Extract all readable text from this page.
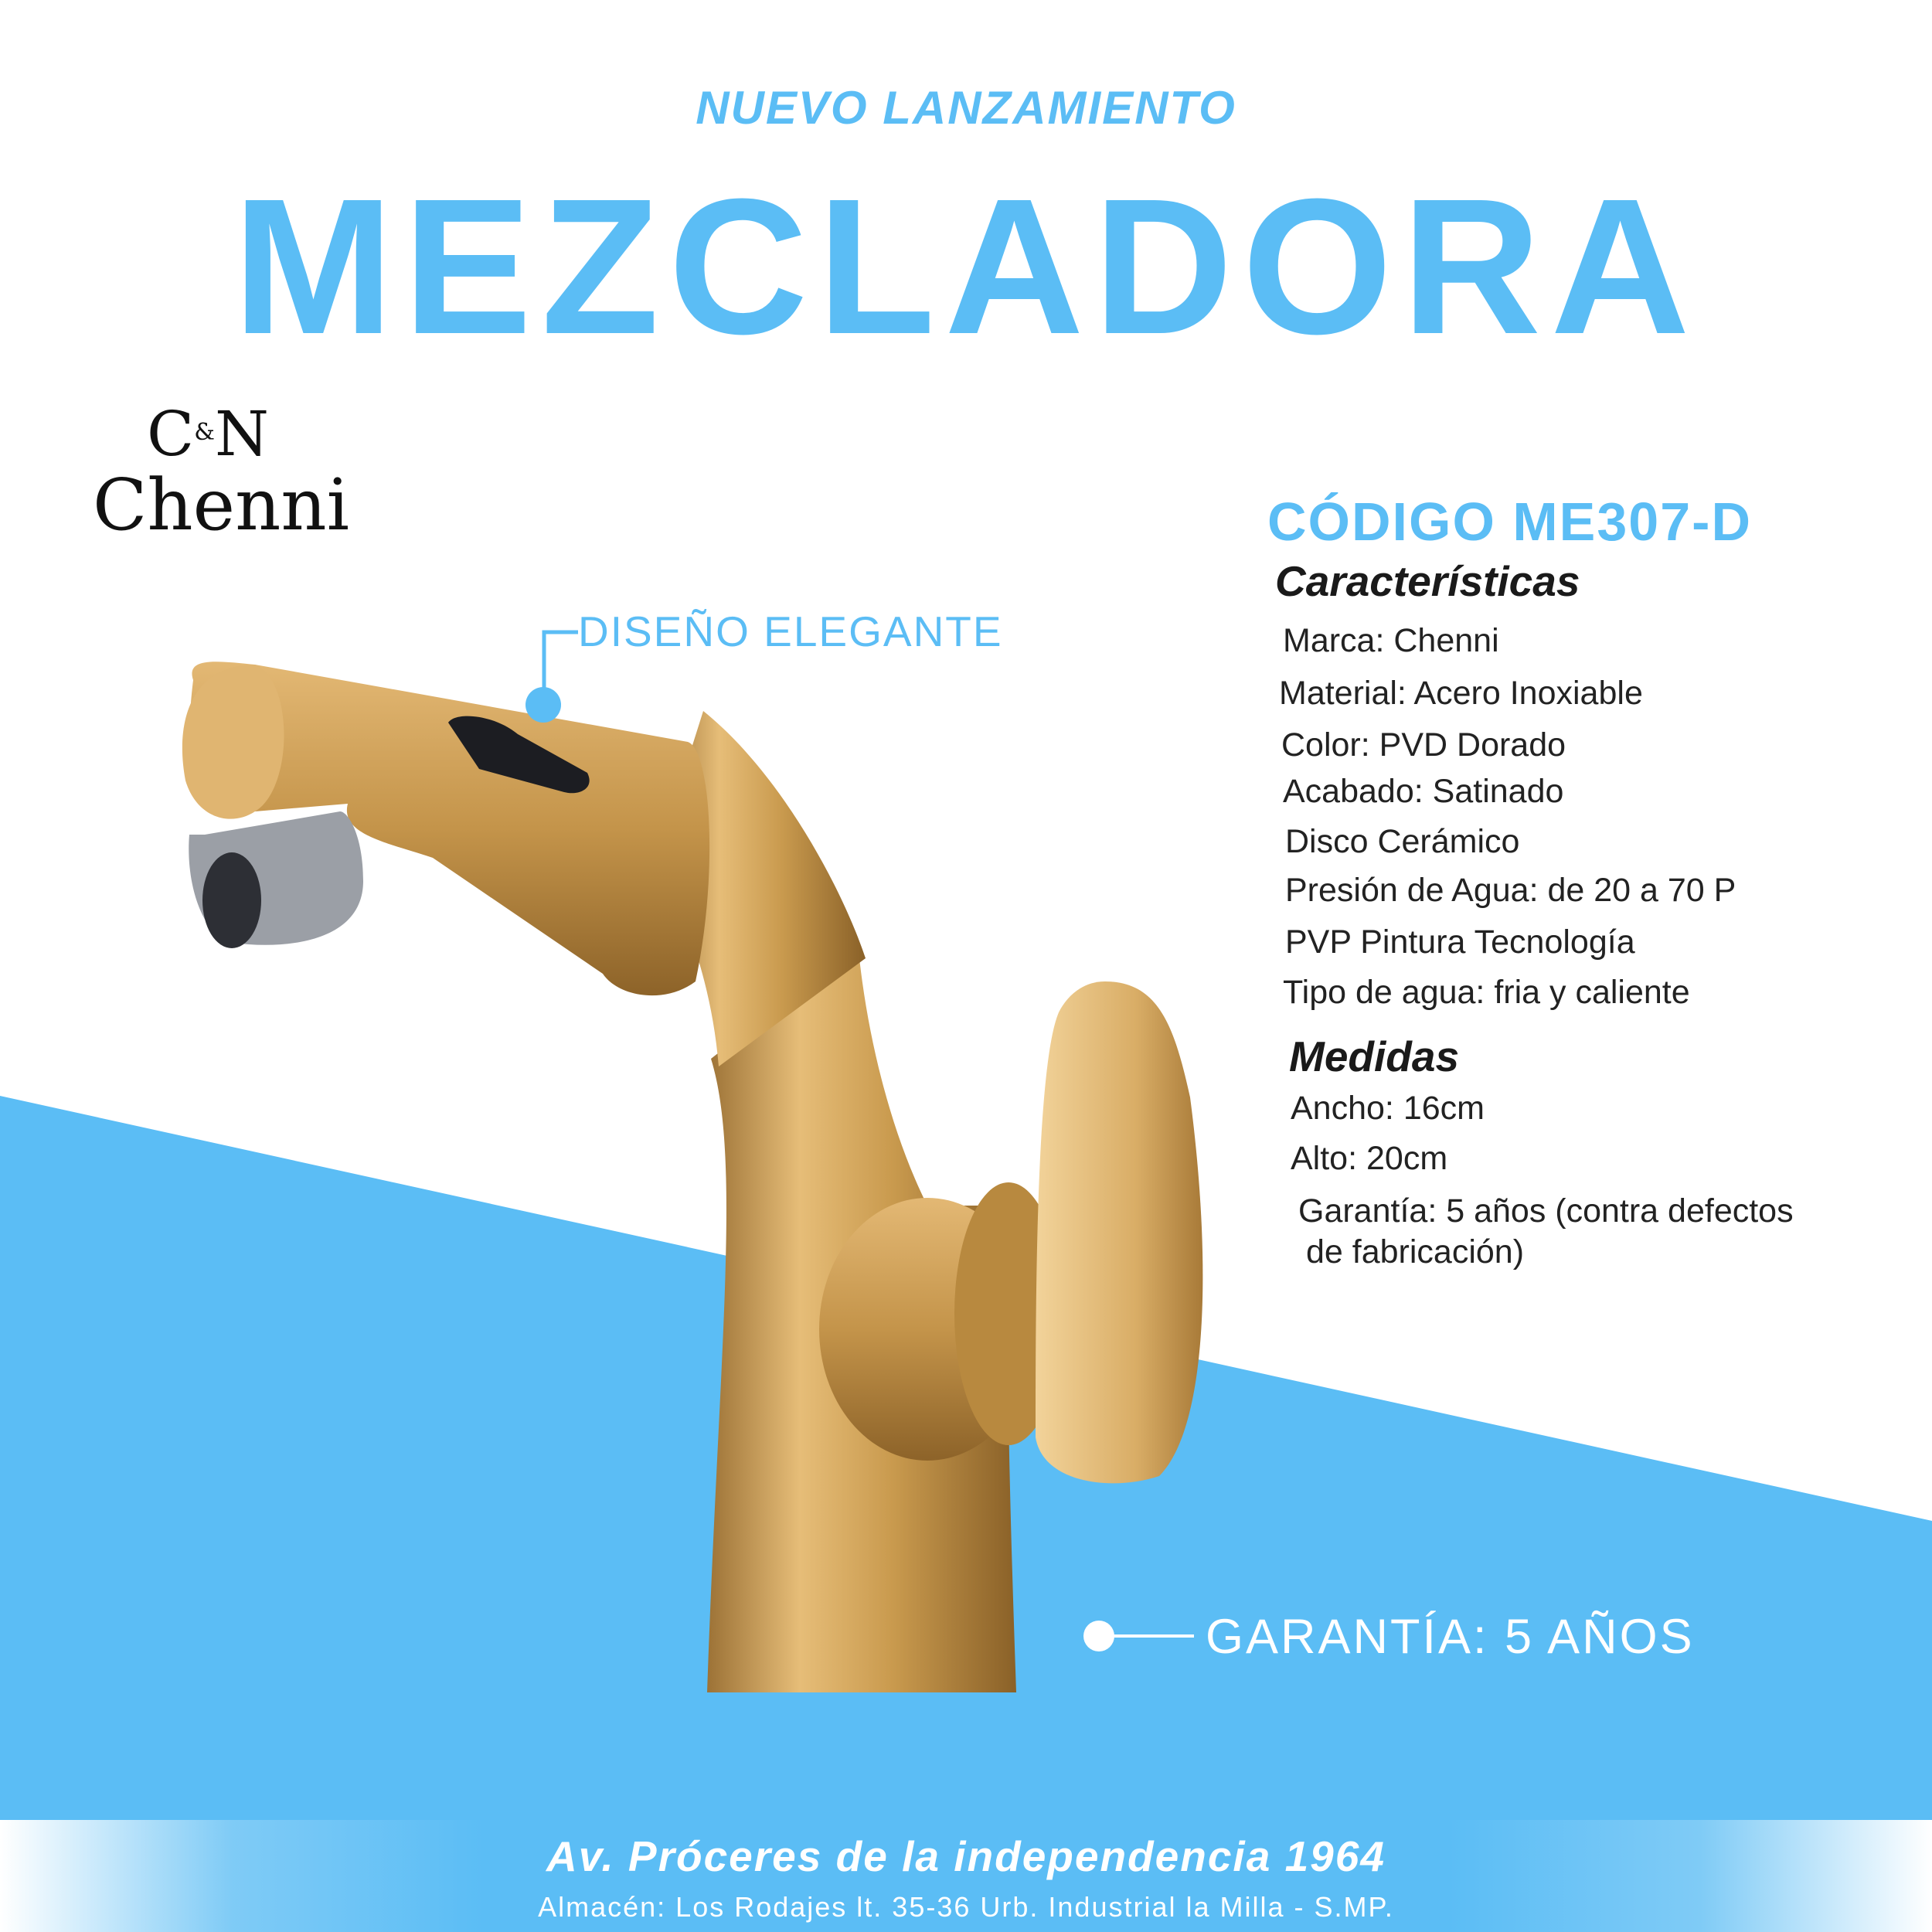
NUEVO LANZAMIENTO
MEZCLADORA
C&N
Chenni
DISEÑO ELEGANTE
GARANTÍA: 5 AÑOS
CÓDIGO ME307-D
Características
Marca: Chenni
Material: Acero Inoxiable
Color: PVD Dorado
Acabado: Satinado
Disco Cerámico
Presión de Agua: de 20 a 70 P
PVP Pintura Tecnología
Tipo de agua: fria y caliente
Medidas
Ancho: 16cm
Alto: 20cm
Garantía: 5 años (contra defectos
de fabricación)
Av. Próceres de la independencia 1964
Almacén: Los Rodajes lt. 35-36 Urb. Industrial la Milla - S.MP.
